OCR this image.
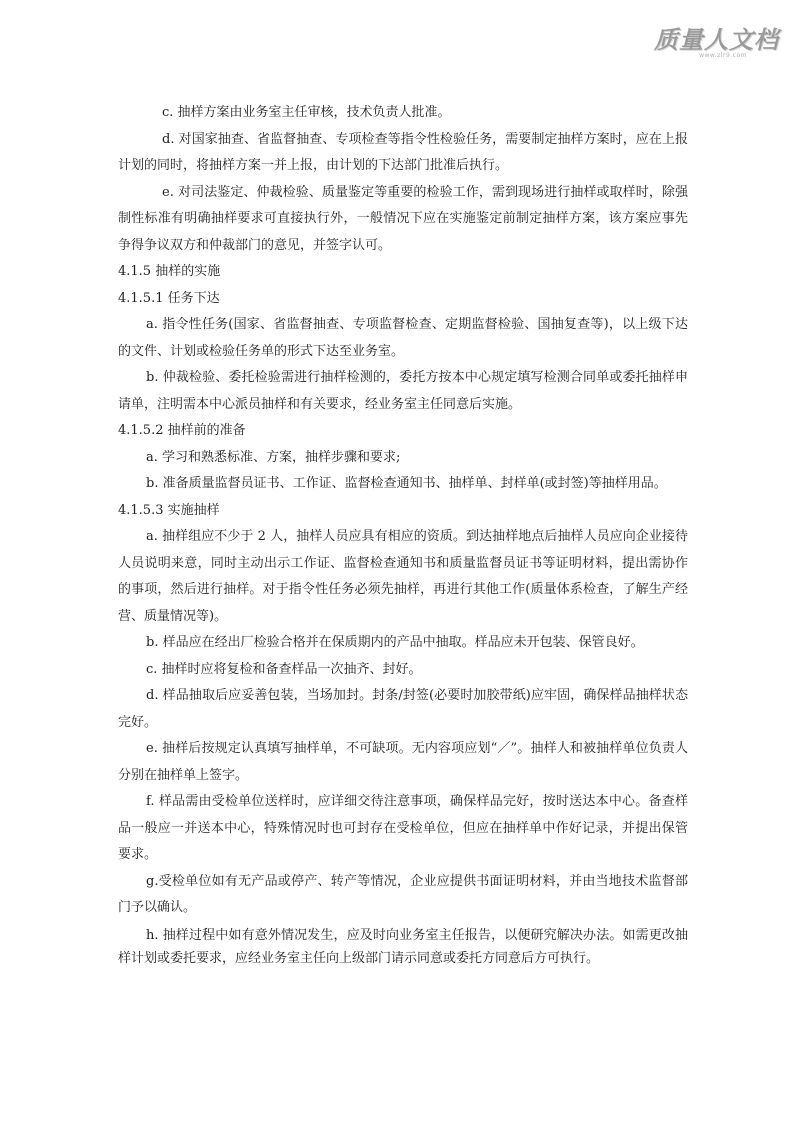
质量人文档
www.zlr9.com

c. 抽样方案由业务室主任审核，技术负责人批准。

d. 对国家抽查、省监督抽查、专项检查等指令性检验任务，需要制定抽样方案时，应在上报计划的同时，将抽样方案一并上报，由计划的下达部门批准后执行。

e. 对司法鉴定、仲裁检验、质量鉴定等重要的检验工作，需到现场进行抽样或取样时，除强制性标准有明确抽样要求可直接执行外，一般情况下应在实施鉴定前制定抽样方案，该方案应事先争得争议双方和仲裁部门的意见，并签字认可。

4.1.5 抽样的实施

4.1.5.1 任务下达

a. 指令性任务(国家、省监督抽查、专项监督检查、定期监督检验、国抽复查等)，以上级下达的文件、计划或检验任务单的形式下达至业务室。

b. 仲裁检验、委托检验需进行抽样检测的，委托方按本中心规定填写检测合同单或委托抽样申请单，注明需本中心派员抽样和有关要求，经业务室主任同意后实施。

4.1.5.2 抽样前的准备

a. 学习和熟悉标准、方案，抽样步骤和要求;

b. 准备质量监督员证书、工作证、监督检查通知书、抽样单、封样单(或封签)等抽样用品。

4.1.5.3 实施抽样

a. 抽样组应不少于 2 人，抽样人员应具有相应的资质。到达抽样地点后抽样人员应向企业接待人员说明来意，同时主动出示工作证、监督检查通知书和质量监督员证书等证明材料，提出需协作的事项，然后进行抽样。对于指令性任务必须先抽样，再进行其他工作(质量体系检查，了解生产经营、质量情况等)。

b. 样品应在经出厂检验合格并在保质期内的产品中抽取。样品应未开包装、保管良好。

c. 抽样时应将复检和备查样品一次抽齐、封好。

d. 样品抽取后应妥善包装，当场加封。封条/封签(必要时加胶带纸)应牢固，确保样品抽样状态完好。

e. 抽样后按规定认真填写抽样单，不可缺项。无内容项应划“／”。抽样人和被抽样单位负责人分别在抽样单上签字。

f. 样品需由受检单位送样时，应详细交待注意事项，确保样品完好，按时送达本中心。备查样品一般应一并送本中心，特殊情况时也可封存在受检单位，但应在抽样单中作好记录，并提出保管要求。

g.受检单位如有无产品或停产、转产等情况，企业应提供书面证明材料，并由当地技术监督部门予以确认。

h. 抽样过程中如有意外情况发生，应及时向业务室主任报告，以便研究解决办法。如需更改抽样计划或委托要求，应经业务室主任向上级部门请示同意或委托方同意后方可执行。
